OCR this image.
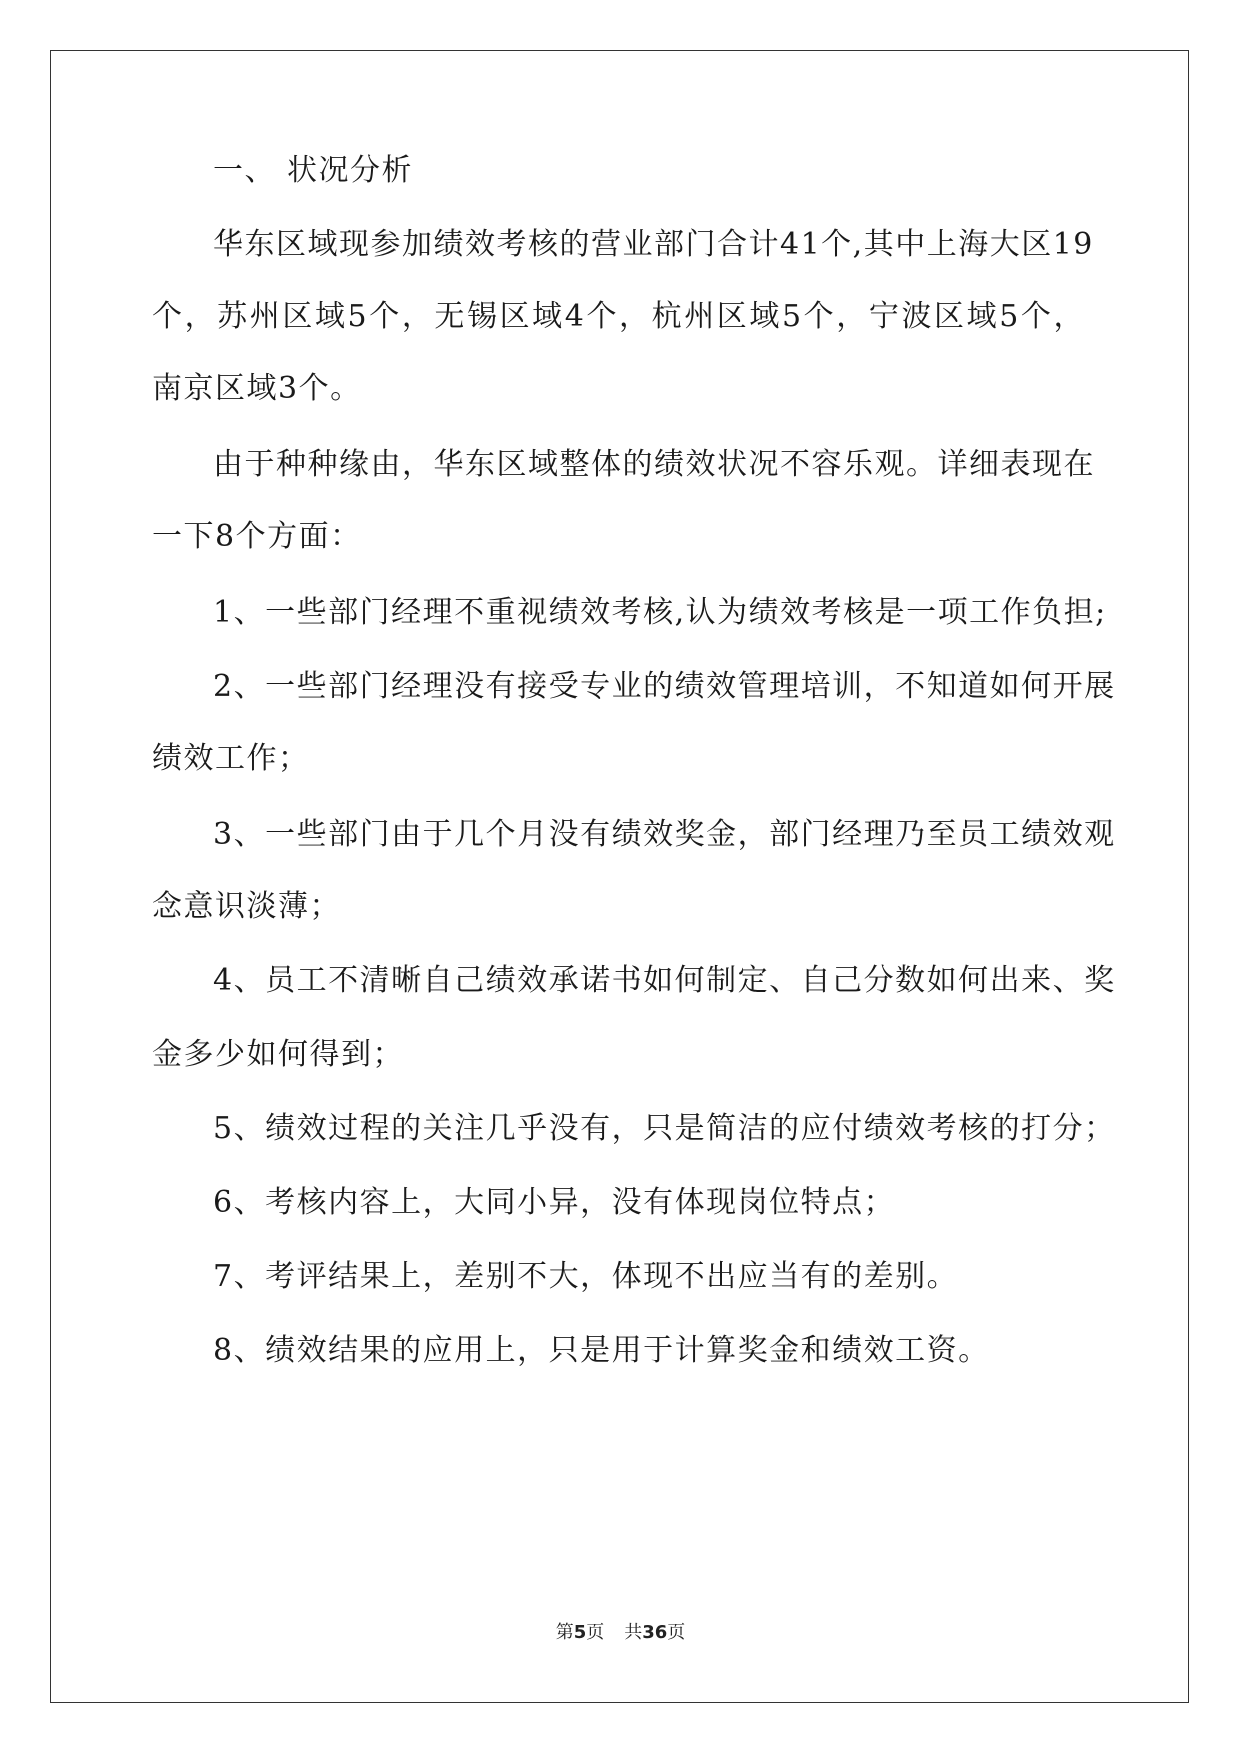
一、 状况分析
华东区域现参加绩效考核的营业部门合计41个,其中上海大区19
个，苏州区域5个，无锡区域4个，杭州区域5个，宁波区域5个，
南京区域3个。
由于种种缘由，华东区域整体的绩效状况不容乐观。详细表现在
一下8个方面：
1、一些部门经理不重视绩效考核,认为绩效考核是一项工作负担;
2、一些部门经理没有接受专业的绩效管理培训，不知道如何开展
绩效工作；
3、一些部门由于几个月没有绩效奖金，部门经理乃至员工绩效观
念意识淡薄；
4、员工不清晰自己绩效承诺书如何制定、自己分数如何出来、奖
金多少如何得到；
5、绩效过程的关注几乎没有，只是简洁的应付绩效考核的打分；
6、考核内容上，大同小异，没有体现岗位特点；
7、考评结果上，差别不大，体现不出应当有的差别。
8、绩效结果的应用上，只是用于计算奖金和绩效工资。
第5页 共36页
